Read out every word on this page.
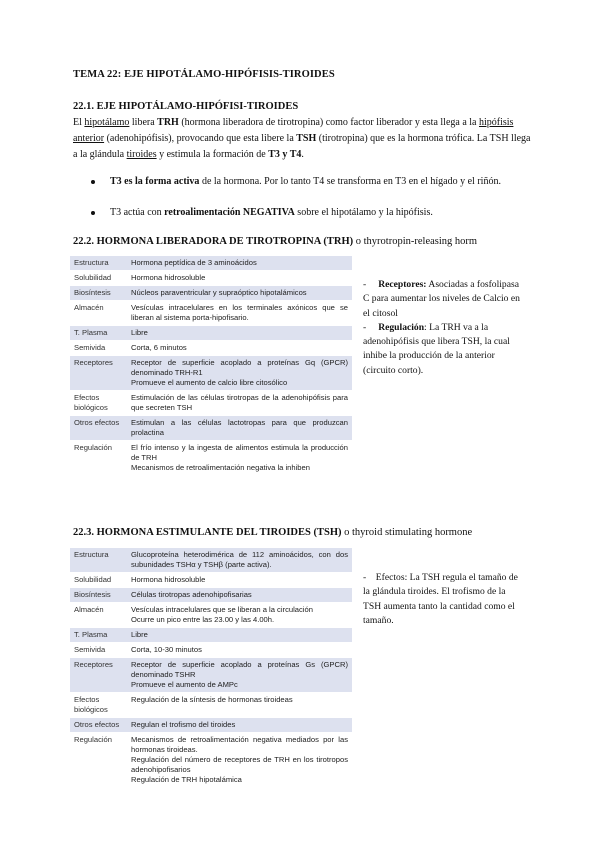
TEMA 22: EJE HIPOTÁLAMO-HIPÓFISIS-TIROIDES
22.1. EJE HIPOTÁLAMO-HIPÓFISI-TIROIDES
El hipotálamo libera TRH (hormona liberadora de tirotropina) como factor liberador y esta llega a la hipófisis anterior (adenohipófisis), provocando que esta libere la TSH (tirotropina) que es la hormona trófica. La TSH llega a la glándula tiroides y estimula la formación de T3 y T4.
T3 es la forma activa de la hormona. Por lo tanto T4 se transforma en T3 en el hígado y el riñón.
T3 actúa con retroalimentación NEGATIVA sobre el hipotálamo y la hipófisis.
22.2. HORMONA LIBERADORA DE TIROTROPINA (TRH) o thyrotropin-releasing horm
Estructura	Hormona peptídica de 3 aminoácidos
Solubilidad	Hormona hidrosoluble
Biosíntesis	Núcleos paraventricular y supraóptico hipotalámicos
Almacén	Vesículas intracelulares en los terminales axónicos que se liberan al sistema porta-hipofisario.
T. Plasma	Libre
Semivida	Corta, 6 minutos
Receptores	Receptor de superficie acoplado a proteínas Gq (GPCR) denominado TRH-R1
Promueve el aumento de calcio libre citosólico
Efectos biológicos	Estimulación de las células tirotropas de la adenohipófisis para que secreten TSH
Otros efectos	Estimulan a las células lactotropas para que produzcan prolactina
Regulación	El frío intenso y la ingesta de alimentos estimula la producción de TRH
Mecanismos de retroalimentación negativa la inhiben

- Receptores: Asociadas a fosfolipasa C para aumentar los niveles de Calcio en el citosol

- Regulación: La TRH va a la adenohipófisis que libera TSH, la cual inhibe la producción de la anterior (circuito corto).

22.3. HORMONA ESTIMULANTE DEL TIROIDES (TSH) o thyroid stimulating hormone
Estructura	Glucoproteína heterodimérica de 112 aminoácidos, con dos subunidades TSHα y TSHβ (parte activa).
Solubilidad	Hormona hidrosoluble
Biosíntesis	Células tirotropas adenohipofisarias
Almacén	Vesículas intracelulares que se liberan a la circulación
Ocurre un pico entre las 23.00 y las 4.00h.
T. Plasma	Libre
Semivida	Corta, 10-30 minutos
Receptores	Receptor de superficie acoplado a proteínas Gs (GPCR) denominado TSHR
Promueve el aumento de AMPc
Efectos biológicos	Regulación de la síntesis de hormonas tiroideas
Otros efectos	Regulan el trofismo del tiroides
Regulación	Mecanismos de retroalimentación negativa mediados por las hormonas tiroideas.
Regulación del número de receptores de TRH en los tirotropos adenohipofisarios
Regulación de TRH hipotalámica

- Efectos: La TSH regula el tamaño de la glándula tiroides. El trofismo de la TSH aumenta tanto la cantidad como el tamaño.
